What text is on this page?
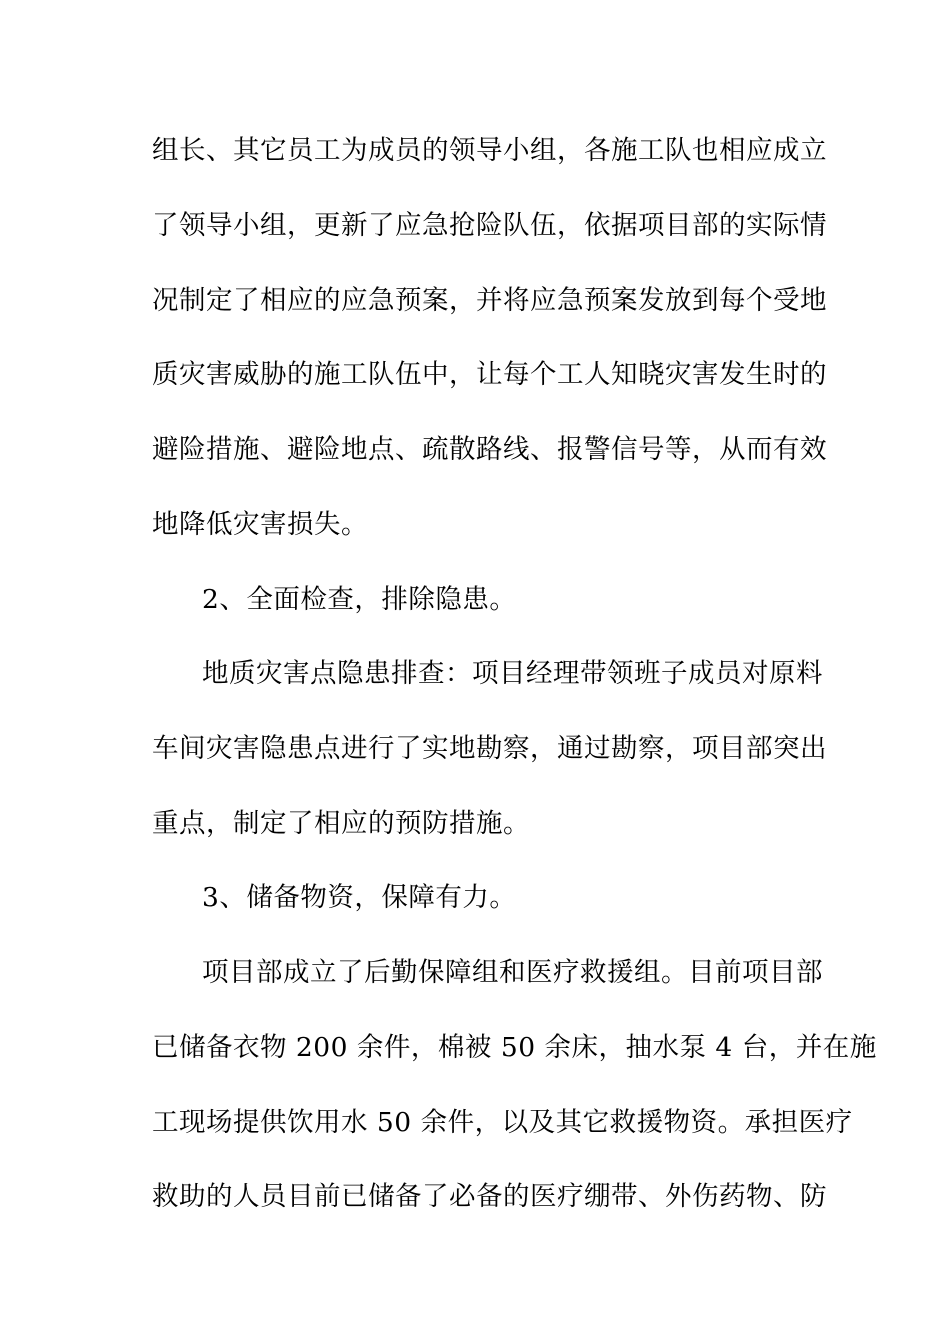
组长、其它员工为成员的领导小组，各施工队也相应成立
了领导小组，更新了应急抢险队伍，依据项目部的实际情
况制定了相应的应急预案，并将应急预案发放到每个受地
质灾害威胁的施工队伍中，让每个工人知晓灾害发生时的
避险措施、避险地点、疏散路线、报警信号等，从而有效
地降低灾害损失。
2、全面检查，排除隐患。
地质灾害点隐患排查：项目经理带领班子成员对原料
车间灾害隐患点进行了实地勘察，通过勘察，项目部突出
重点，制定了相应的预防措施。
3、储备物资，保障有力。
项目部成立了后勤保障组和医疗救援组。目前项目部
已储备衣物 200 余件，棉被 50 余床，抽水泵 4 台，并在施
工现场提供饮用水 50 余件，以及其它救援物资。承担医疗
救助的人员目前已储备了必备的医疗绷带、外伤药物、防
